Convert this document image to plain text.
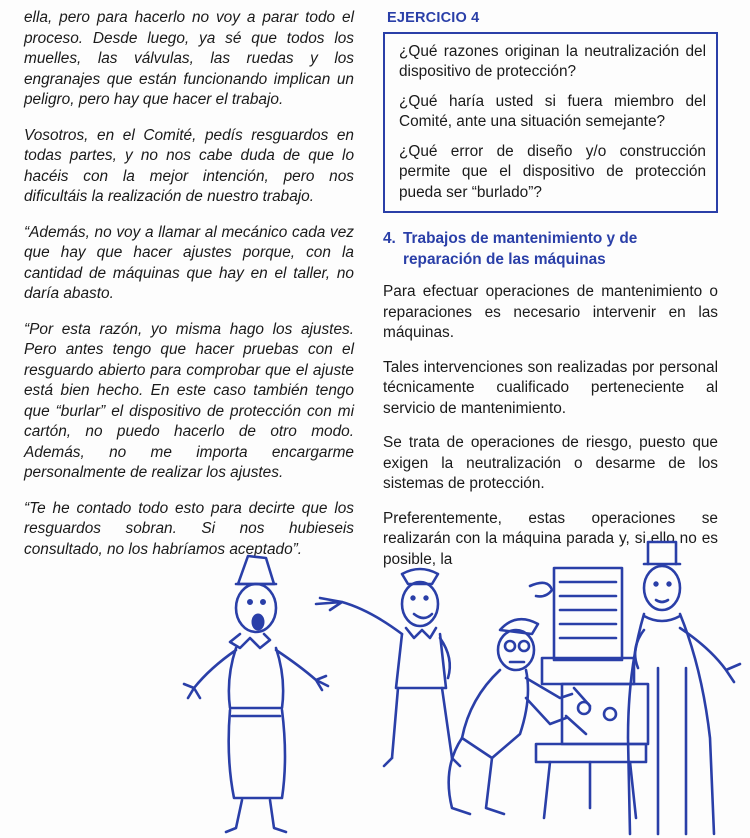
ella, pero para hacerlo no voy a parar todo el proceso. Desde luego, ya sé que todos los muelles, las válvulas, las ruedas y los engranajes que están funcionando implican un peligro, pero hay que hacer el trabajo.

Vosotros, en el Comité, pedís resguardos en todas partes, y no nos cabe duda de que lo hacéis con la mejor intención, pero nos dificultáis la realización de nuestro trabajo.

“Además, no voy a llamar al mecánico cada vez que hay que hacer ajustes porque, con la cantidad de máquinas que hay en el taller, no daría abasto.

“Por esta razón, yo misma hago los ajustes. Pero antes tengo que hacer pruebas con el resguardo abierto para comprobar que el ajuste está bien hecho. En este caso también tengo que “burlar” el dispositivo de protección con mi cartón, no puedo hacerlo de otro modo. Además, no me importa encargarme personalmente de realizar los ajustes.

“Te he contado todo esto para decirte que los resguardos sobran. Si nos hubieseis consultado, no los habríamos aceptado”.

EJERCICIO 4

¿Qué razones originan la neutralización del dispositivo de protección?

¿Qué haría usted si fuera miembro del Comité, ante una situación semejante?

¿Qué error de diseño y/o construcción permite que el dispositivo de protección pueda ser “burlado”?

4. Trabajos de mantenimiento y de reparación de las máquinas

Para efectuar operaciones de mantenimiento o reparaciones es necesario intervenir en las máquinas.

Tales intervenciones son realizadas por personal técnicamente cualificado perteneciente al servicio de mantenimiento.

Se trata de operaciones de riesgo, puesto que exigen la neutralización o desarme de los sistemas de protección.

Preferentemente, estas operaciones se realizarán con la máquina parada y, si ello no es posible, la
